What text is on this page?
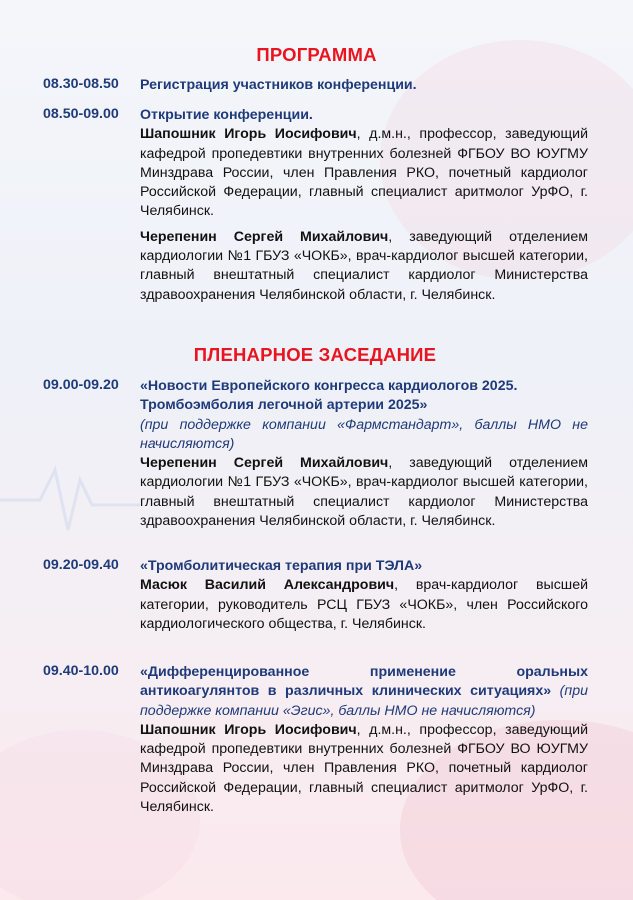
ПРОГРАММА
08.30-08.50 Регистрация участников конференции.
08.50-09.00 Открытие конференции.
Шапошник Игорь Иосифович, д.м.н., профессор, заведующий кафедрой пропедевтики внутренних болезней ФГБОУ ВО ЮУГМУ Минздрава России, член Правления РКО, почетный кардиолог Российской Федерации, главный специалист аритмолог УрФО, г. Челябинск.
Черепенин Сергей Михайлович, заведующий отделением кардиологии №1 ГБУЗ «ЧОКБ», врач-кардиолог высшей категории, главный внештатный специалист кардиолог Министерства здравоохранения Челябинской области, г. Челябинск.
ПЛЕНАРНОЕ ЗАСЕДАНИЕ
09.00-09.20 «Новости Европейского конгресса кардиологов 2025. Тромбоэмболия легочной артерии 2025»
(при поддержке компании «Фармстандарт», баллы НМО не начисляются)
Черепенин Сергей Михайлович, заведующий отделением кардиологии №1 ГБУЗ «ЧОКБ», врач-кардиолог высшей категории, главный внештатный специалист кардиолог Министерства здравоохранения Челябинской области, г. Челябинск.
09.20-09.40 «Тромболитическая терапия при ТЭЛА»
Масюк Василий Александрович, врач-кардиолог высшей категории, руководитель РСЦ ГБУЗ «ЧОКБ», член Российского кардиологического общества, г. Челябинск.
09.40-10.00 «Дифференцированное применение оральных антикоагулянтов в различных клинических ситуациях» (при поддержке компании «Эгис», баллы НМО не начисляются)
Шапошник Игорь Иосифович, д.м.н., профессор, заведующий кафедрой пропедевтики внутренних болезней ФГБОУ ВО ЮУГМУ Минздрава России, член Правления РКО, почетный кардиолог Российской Федерации, главный специалист аритмолог УрФО, г. Челябинск.
